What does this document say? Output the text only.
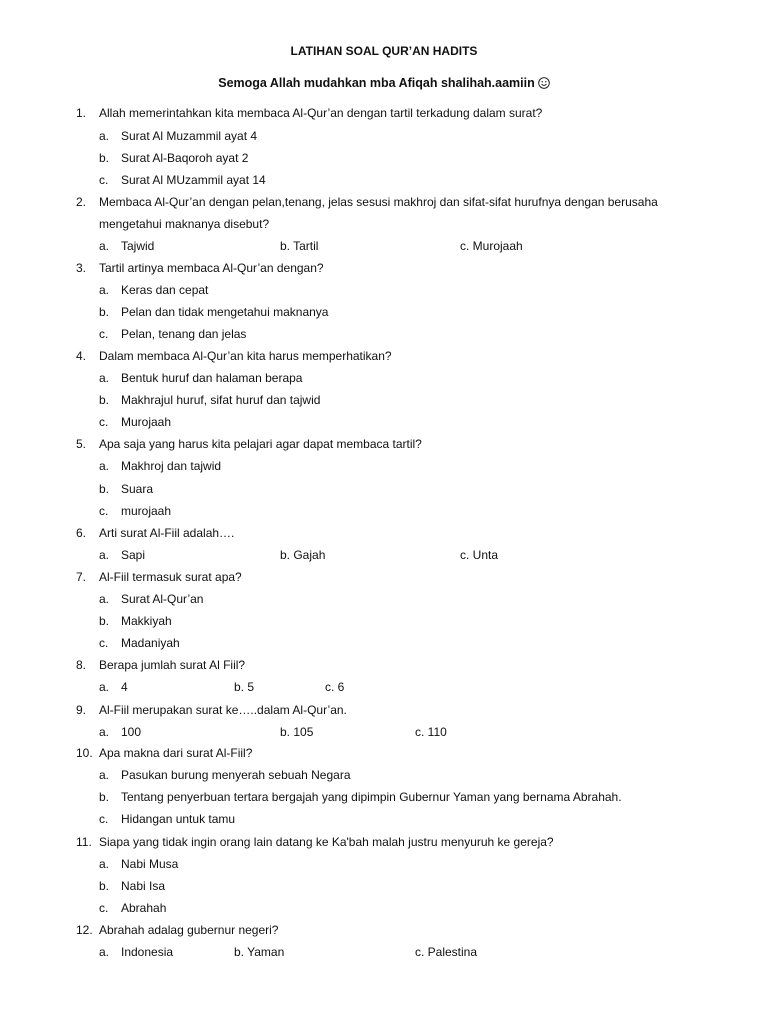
LATIHAN SOAL QUR’AN HADITS
Semoga Allah mudahkan mba Afiqah shalihah.aamiin
1. Allah memerintahkan kita membaca Al-Qur’an dengan tartil terkadung dalam surat?
a. Surat Al Muzammil ayat 4
b. Surat Al-Baqoroh ayat 2
c. Surat Al MUzammil ayat 14
2. Membaca Al-Qur’an dengan pelan,tenang, jelas sesusi makhroj dan sifat-sifat hurufnya dengan berusaha
mengetahui maknanya disebut?
a. Tajwid	b. Tartil	c. Murojaah
3. Tartil artinya membaca Al-Qur’an dengan?
a. Keras dan cepat
b. Pelan dan tidak mengetahui maknanya
c. Pelan, tenang dan jelas
4. Dalam membaca Al-Qur’an kita harus memperhatikan?
a. Bentuk huruf dan halaman berapa
b. Makhrajul huruf, sifat huruf dan tajwid
c. Murojaah
5. Apa saja yang harus kita pelajari agar dapat membaca tartil?
a. Makhroj dan tajwid
b. Suara
c. murojaah
6. Arti surat Al-Fiil adalah….
a. Sapi	b. Gajah	c. Unta
7. Al-Fiil termasuk surat apa?
a. Surat Al-Qur’an
b. Makkiyah
c. Madaniyah
8. Berapa jumlah surat Al Fiil?
a. 4	b. 5	c. 6
9. Al-Fiil merupakan surat ke…..dalam Al-Qur’an.
a. 100	b. 105	c. 110
10. Apa makna dari surat Al-Fiil?
a. Pasukan burung menyerah sebuah Negara
b. Tentang penyerbuan tertara bergajah yang dipimpin Gubernur Yaman yang bernama Abrahah.
c. Hidangan untuk tamu
11. Siapa yang tidak ingin orang lain datang ke Ka'bah malah justru menyuruh ke gereja?
a. Nabi Musa
b. Nabi Isa
c. Abrahah
12. Abrahah adalag gubernur negeri?
a. Indonesia	b. Yaman	c. Palestina
